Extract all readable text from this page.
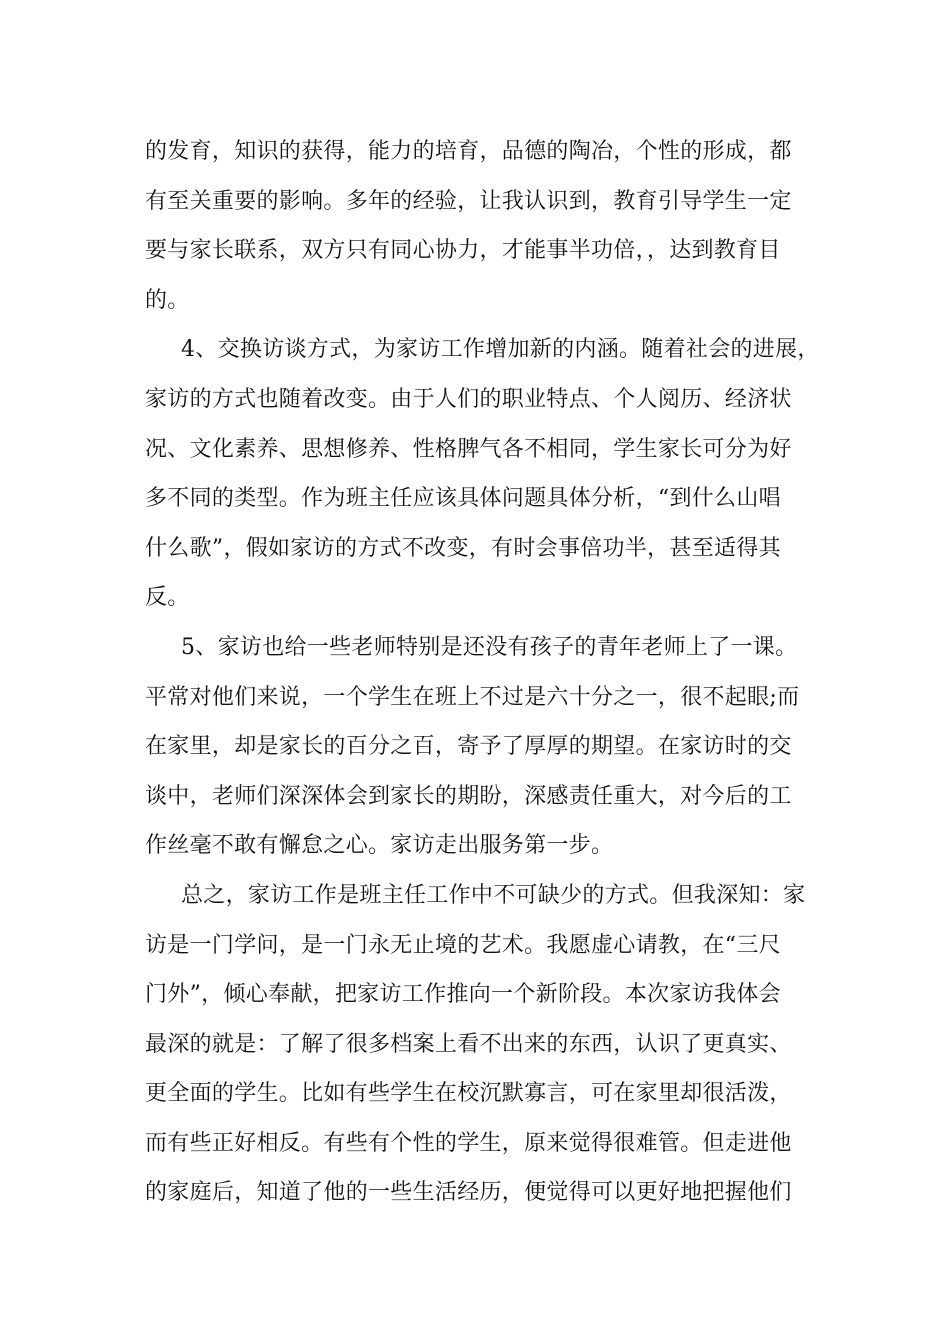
的发育，知识的获得，能力的培育，品德的陶冶，个性的形成，都
有至关重要的影响。多年的经验，让我认识到，教育引导学生一定
要与家长联系，双方只有同心协力，才能事半功倍，，达到教育目
的。
4、交换访谈方式，为家访工作增加新的内涵。随着社会的进展，
家访的方式也随着改变。由于人们的职业特点、个人阅历、经济状
况、文化素养、思想修养、性格脾气各不相同，学生家长可分为好
多不同的类型。作为班主任应该具体问题具体分析，“到什么山唱
什么歌”，假如家访的方式不改变，有时会事倍功半，甚至适得其
反。
5、家访也给一些老师特别是还没有孩子的青年老师上了一课。
平常对他们来说，一个学生在班上不过是六十分之一，很不起眼;而
在家里，却是家长的百分之百，寄予了厚厚的期望。在家访时的交
谈中，老师们深深体会到家长的期盼，深感责任重大，对今后的工
作丝毫不敢有懈怠之心。家访走出服务第一步。
总之，家访工作是班主任工作中不可缺少的方式。但我深知：家
访是一门学问，是一门永无止境的艺术。我愿虚心请教，在“三尺
门外”，倾心奉献，把家访工作推向一个新阶段。本次家访我体会
最深的就是：了解了很多档案上看不出来的东西，认识了更真实、
更全面的学生。比如有些学生在校沉默寡言，可在家里却很活泼，
而有些正好相反。有些有个性的学生，原来觉得很难管。但走进他
的家庭后，知道了他的一些生活经历，便觉得可以更好地把握他们
